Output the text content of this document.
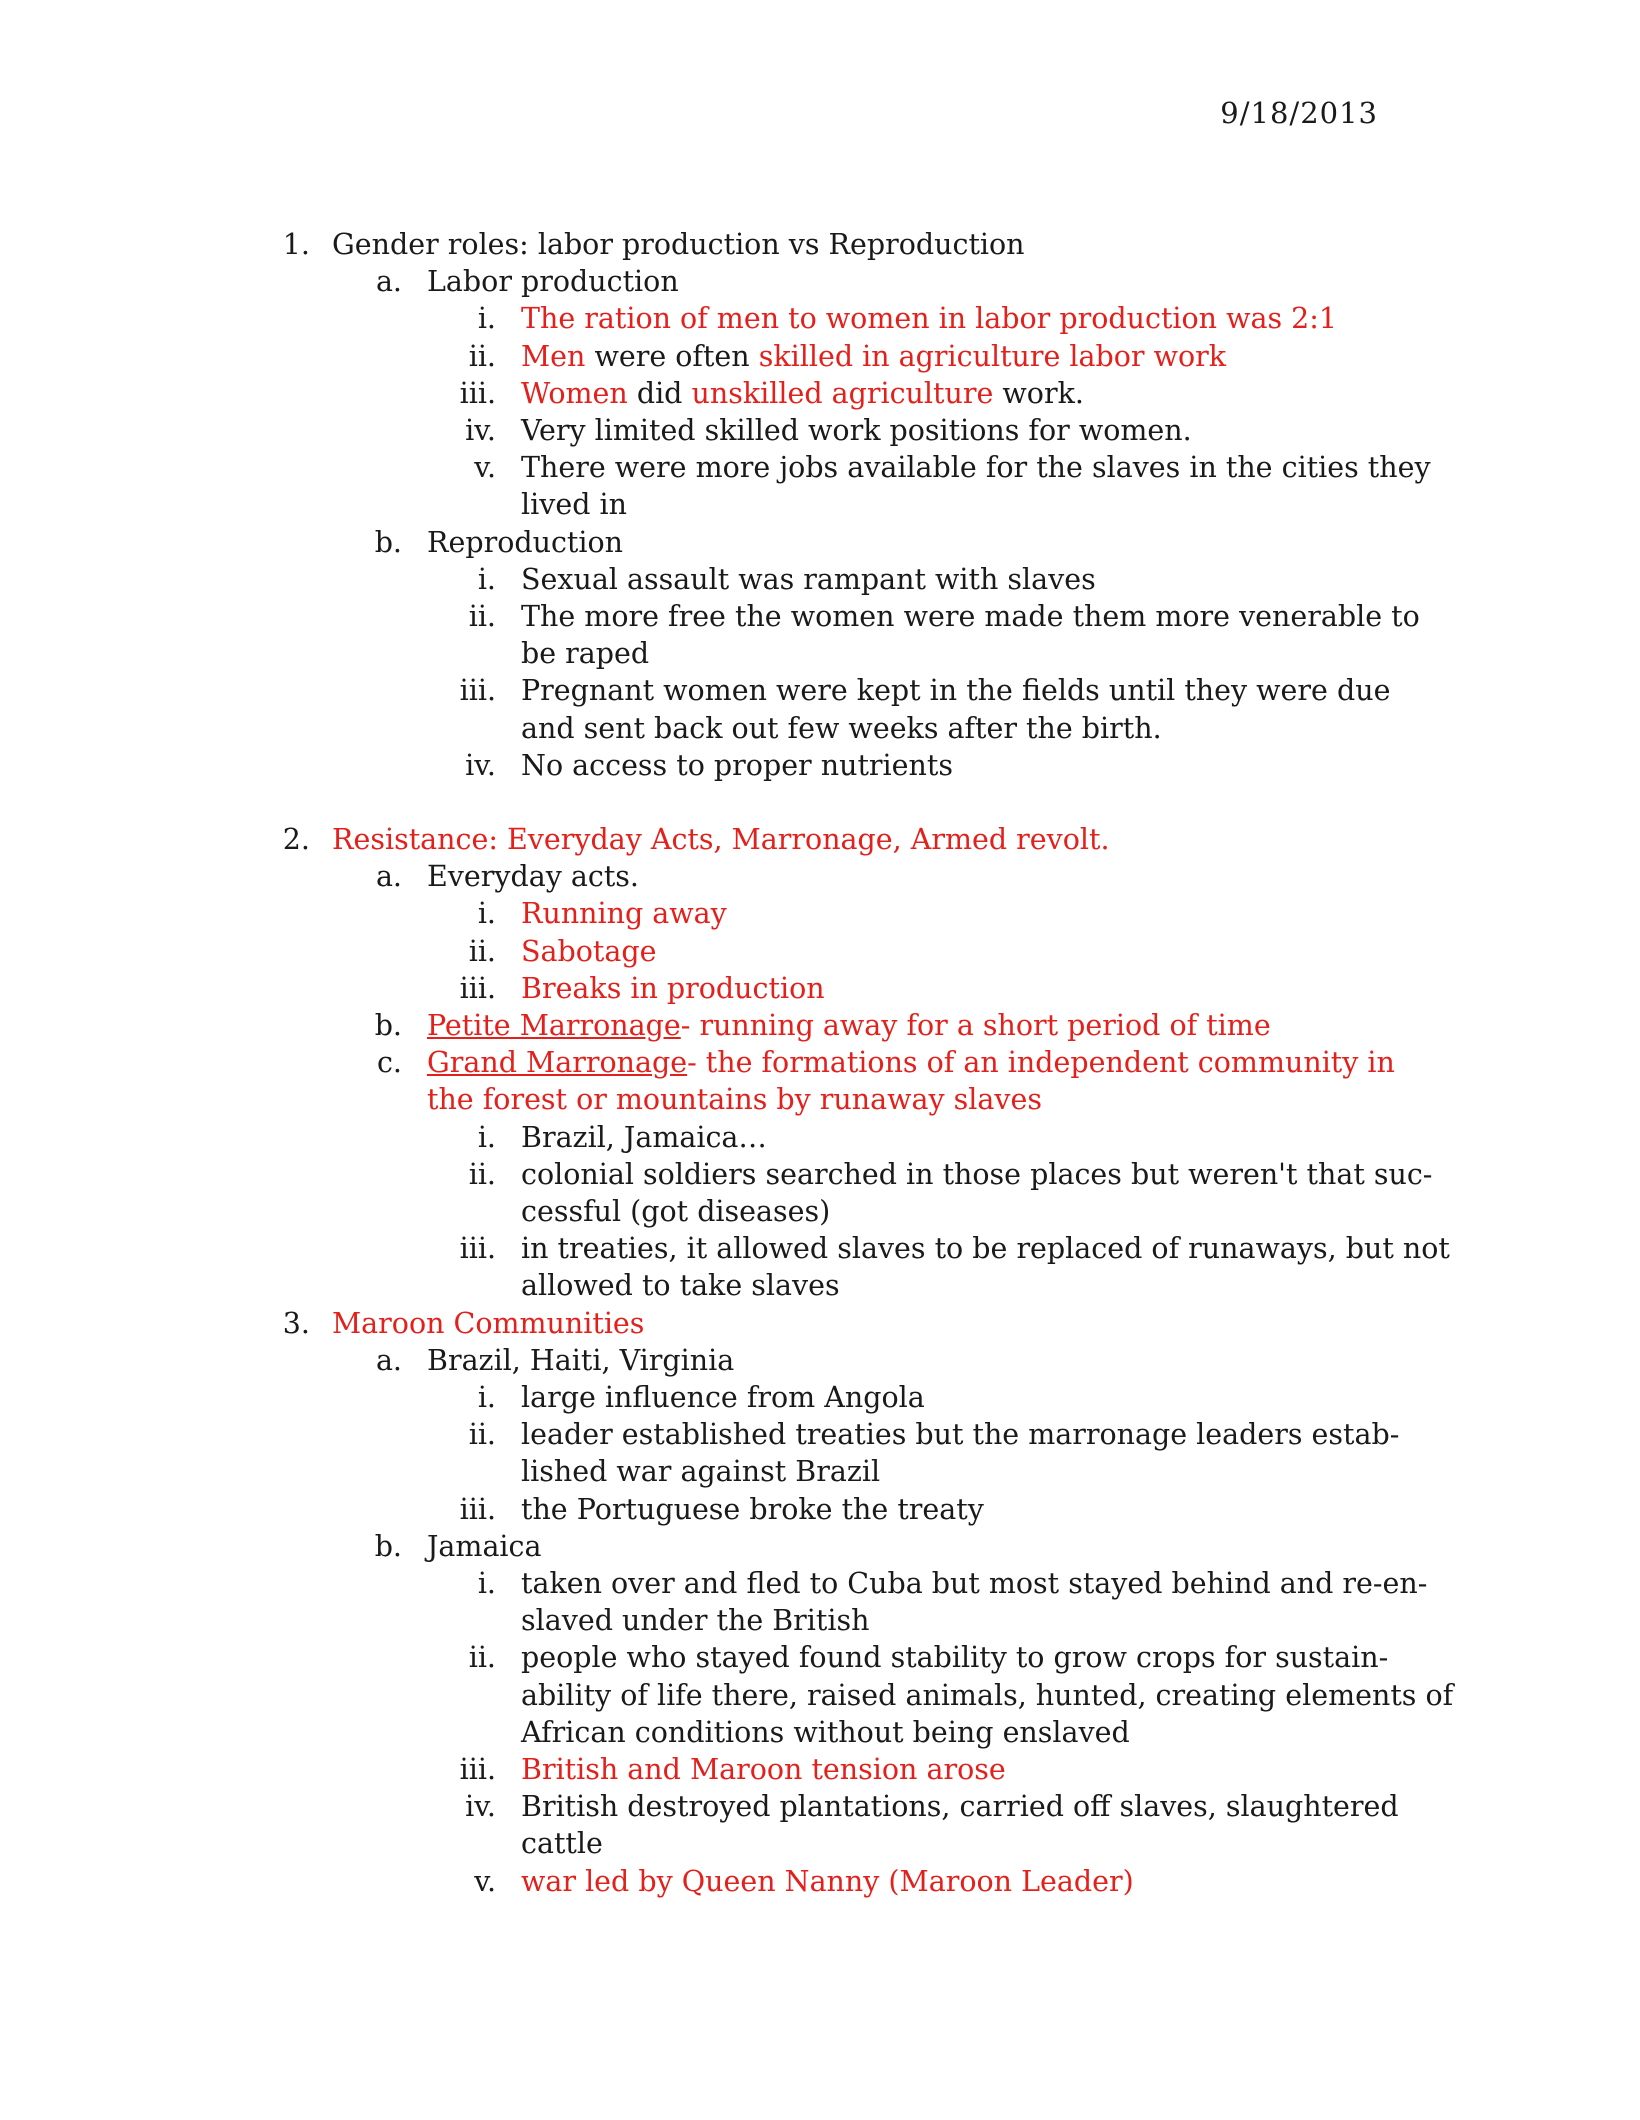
9/18/2013
1. Gender roles: labor production vs Reproduction
a. Labor production
i. The ration of men to women in labor production was 2:1
ii. Men were often skilled in agriculture labor work
iii. Women did unskilled agriculture work.
iv. Very limited skilled work positions for women.
v. There were more jobs available for the slaves in the cities they
lived in
b. Reproduction
i. Sexual assault was rampant with slaves
ii. The more free the women were made them more venerable to
be raped
iii. Pregnant women were kept in the fields until they were due
and sent back out few weeks after the birth.
iv. No access to proper nutrients
2. Resistance: Everyday Acts, Marronage, Armed revolt.
a. Everyday acts.
i. Running away
ii. Sabotage
iii. Breaks in production
b. Petite Marronage- running away for a short period of time
c. Grand Marronage- the formations of an independent community in
the forest or mountains by runaway slaves
i. Brazil, Jamaica…
ii. colonial soldiers searched in those places but weren't that suc-
cessful (got diseases)
iii. in treaties, it allowed slaves to be replaced of runaways, but not
allowed to take slaves
3. Maroon Communities
a. Brazil, Haiti, Virginia
i. large influence from Angola
ii. leader established treaties but the marronage leaders estab-
lished war against Brazil
iii. the Portuguese broke the treaty
b. Jamaica
i. taken over and fled to Cuba but most stayed behind and re-en-
slaved under the British
ii. people who stayed found stability to grow crops for sustain-
ability of life there, raised animals, hunted, creating elements of
African conditions without being enslaved
iii. British and Maroon tension arose
iv. British destroyed plantations, carried off slaves, slaughtered
cattle
v. war led by Queen Nanny (Maroon Leader)
